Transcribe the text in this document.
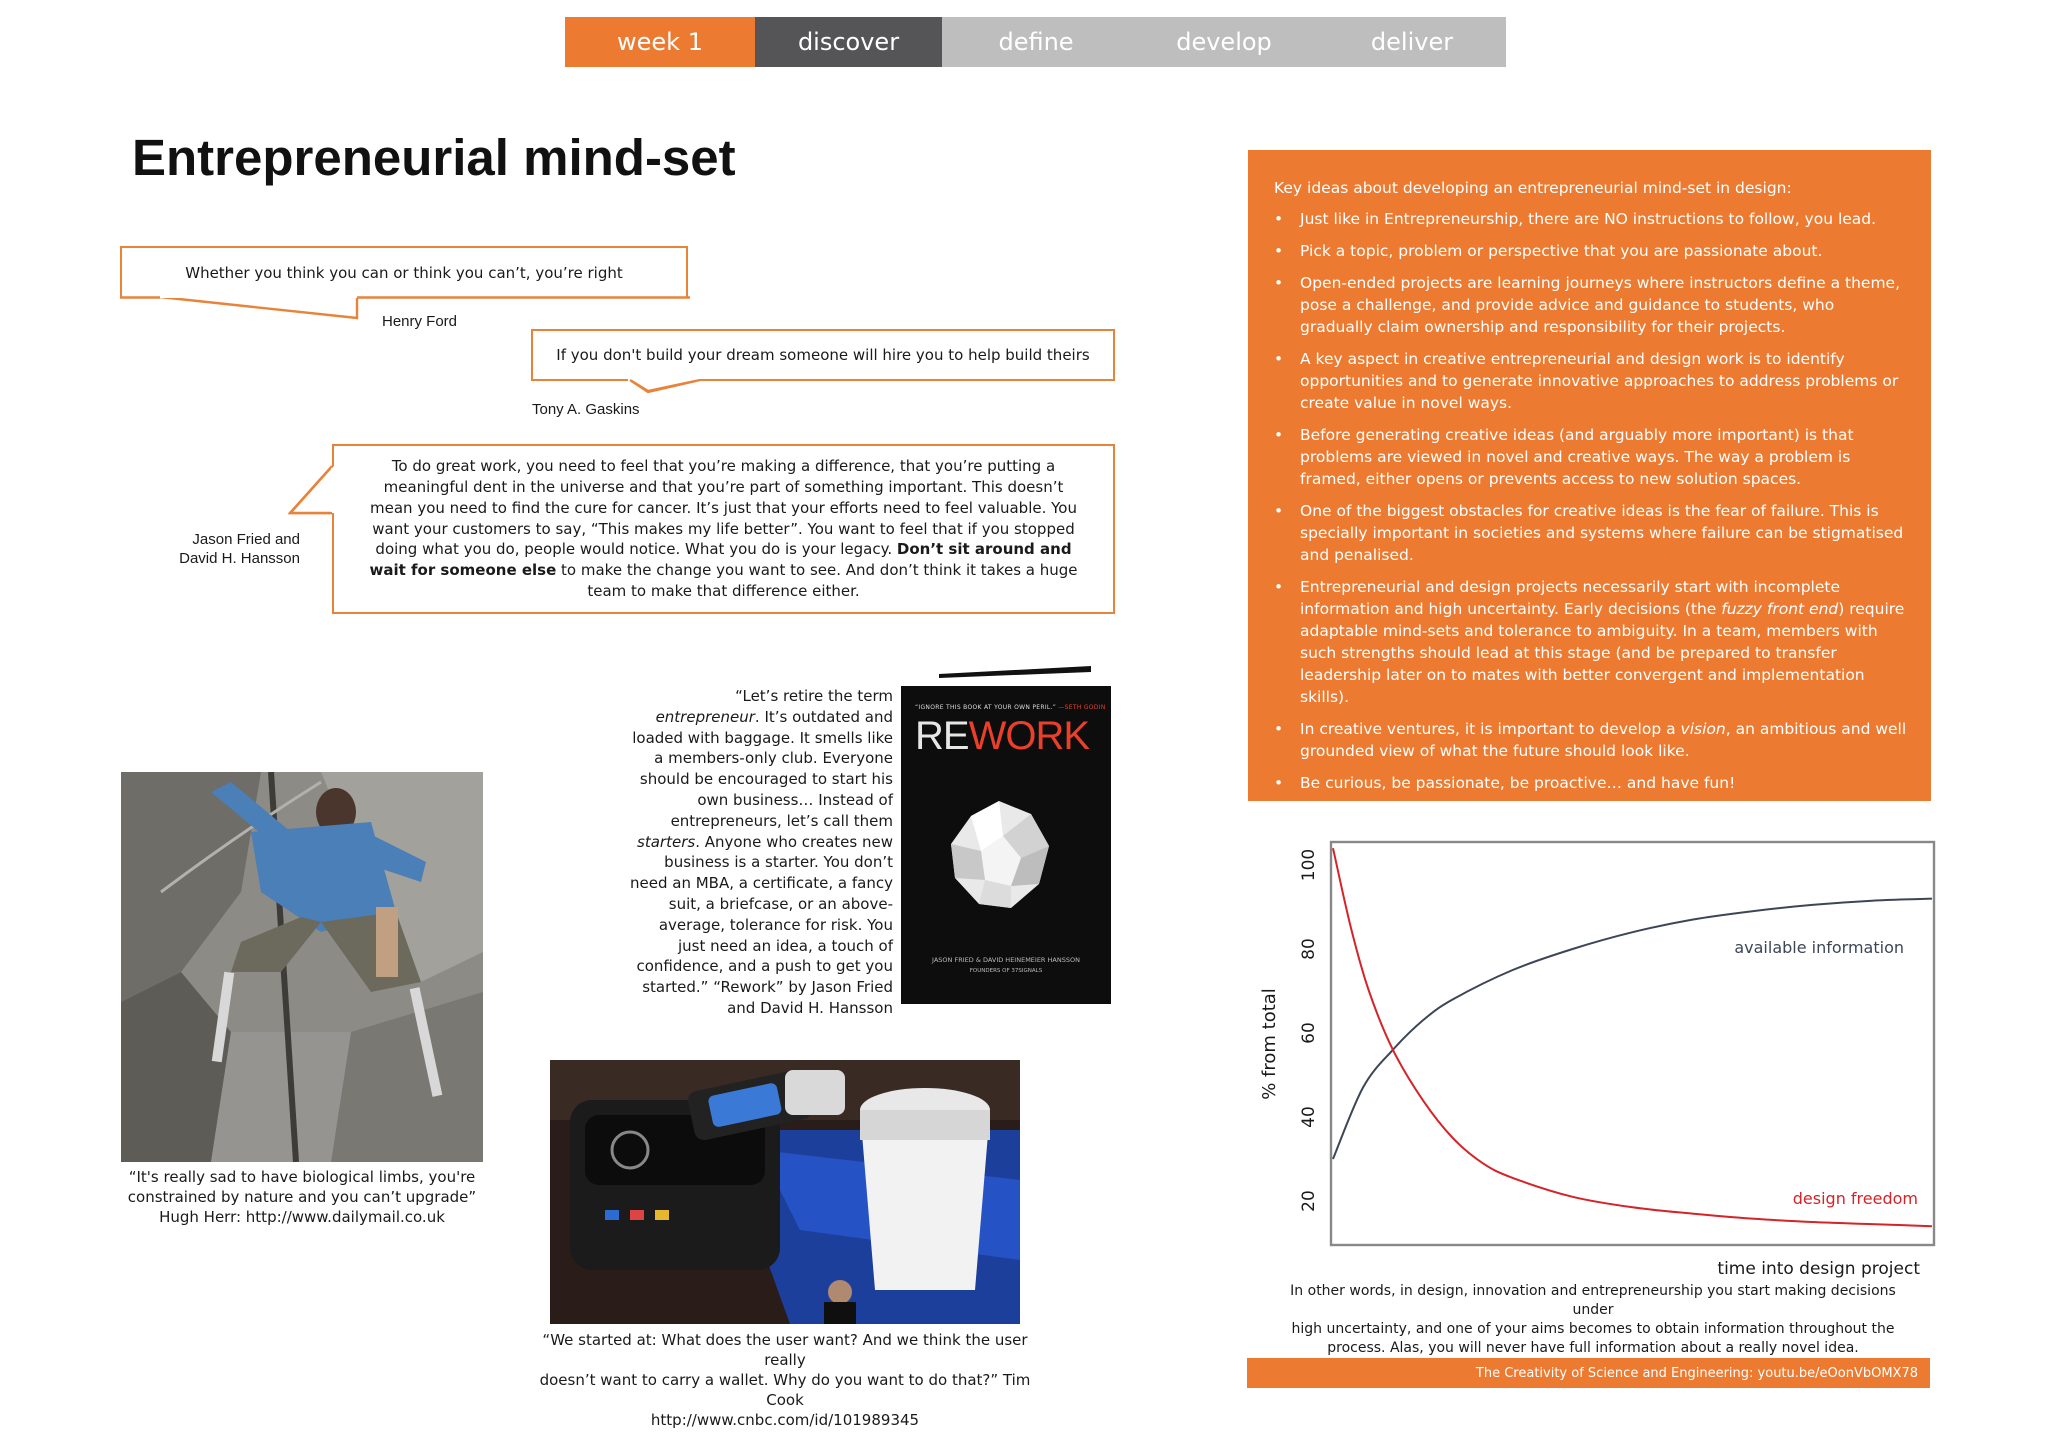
week 1	discover	define	develop	deliver
Entrepreneurial mind-set
Whether you think you can or think you can’t, you’re right
Henry Ford
If you don't build your dream someone will hire you to help build theirs
Tony A. Gaskins

To do great work, you need to feel that you’re making a difference, that you’re putting a meaningful dent in the universe and that you’re part of something important. This doesn’t mean you need to find the cure for cancer. It’s just that your efforts need to feel valuable. You want your customers to say, “This makes my life better”. You want to feel that if you stopped doing what you do, people would notice. What you do is your legacy. Don’t sit around and wait for someone else to make the change you want to see. And don’t think it takes a huge team to make that difference either.

Jason Fried and
David H. Hansson
“Let’s retire the term entrepreneur. It’s outdated and loaded with baggage. It smells like a members-only club. Everyone should be encouraged to start his own business… Instead of entrepreneurs, let’s call them starters. Anyone who creates new business is a starter. You don’t need an MBA, a certificate, a fancy suit, a briefcase, or an above-average, tolerance for risk. You just need an idea, a touch of confidence, and a push to get you started.” “Rework” by Jason Fried and David H. Hansson
“IGNORE THIS BOOK AT YOUR OWN PERIL.” —SETH GODIN
REWORK
JASON FRIED & DAVID HEINEMEIER HANSSON
FOUNDERS OF 37SIGNALS
“It's really sad to have biological limbs, you're
constrained by nature and you can’t upgrade”
Hugh Herr: http://www.dailymail.co.uk
“We started at: What does the user want? And we think the user really
doesn’t want to carry a wallet. Why do you want to do that?” Tim Cook
http://www.cnbc.com/id/101989345

Key ideas about developing an entrepreneurial mind-set in design:

• Just like in Entrepreneurship, there are NO instructions to follow, you lead.
• Pick a topic, problem or perspective that you are passionate about.
• Open-ended projects are learning journeys where instructors define a theme, pose a challenge, and provide advice and guidance to students, who gradually claim ownership and responsibility for their projects.
• A key aspect in creative entrepreneurial and design work is to identify opportunities and to generate innovative approaches to address problems or create value in novel ways.
• Before generating creative ideas (and arguably more important) is that problems are viewed in novel and creative ways. The way a problem is framed, either opens or prevents access to new solution spaces.
• One of the biggest obstacles for creative ideas is the fear of failure. This is specially important in societies and systems where failure can be stigmatised and penalised.
• Entrepreneurial and design projects necessarily start with incomplete information and high uncertainty. Early decisions (the fuzzy front end) require adaptable mind-sets and tolerance to ambiguity. In a team, members with such strengths should lead at this stage (and be prepared to transfer leadership later on to mates with better convergent and implementation skills).
• In creative ventures, it is important to develop a vision, an ambitious and well grounded view of what the future should look like.
• Be curious, be passionate, be proactive… and have fun!
20
40
60
80
100
% from total
time into design project
available information
design freedom
In other words, in design, innovation and entrepreneurship you start making decisions under
high uncertainty, and one of your aims becomes to obtain information throughout the
process. Alas, you will never have full information about a really novel idea.
The Creativity of Science and Engineering: youtu.be/eOonVbOMX78
